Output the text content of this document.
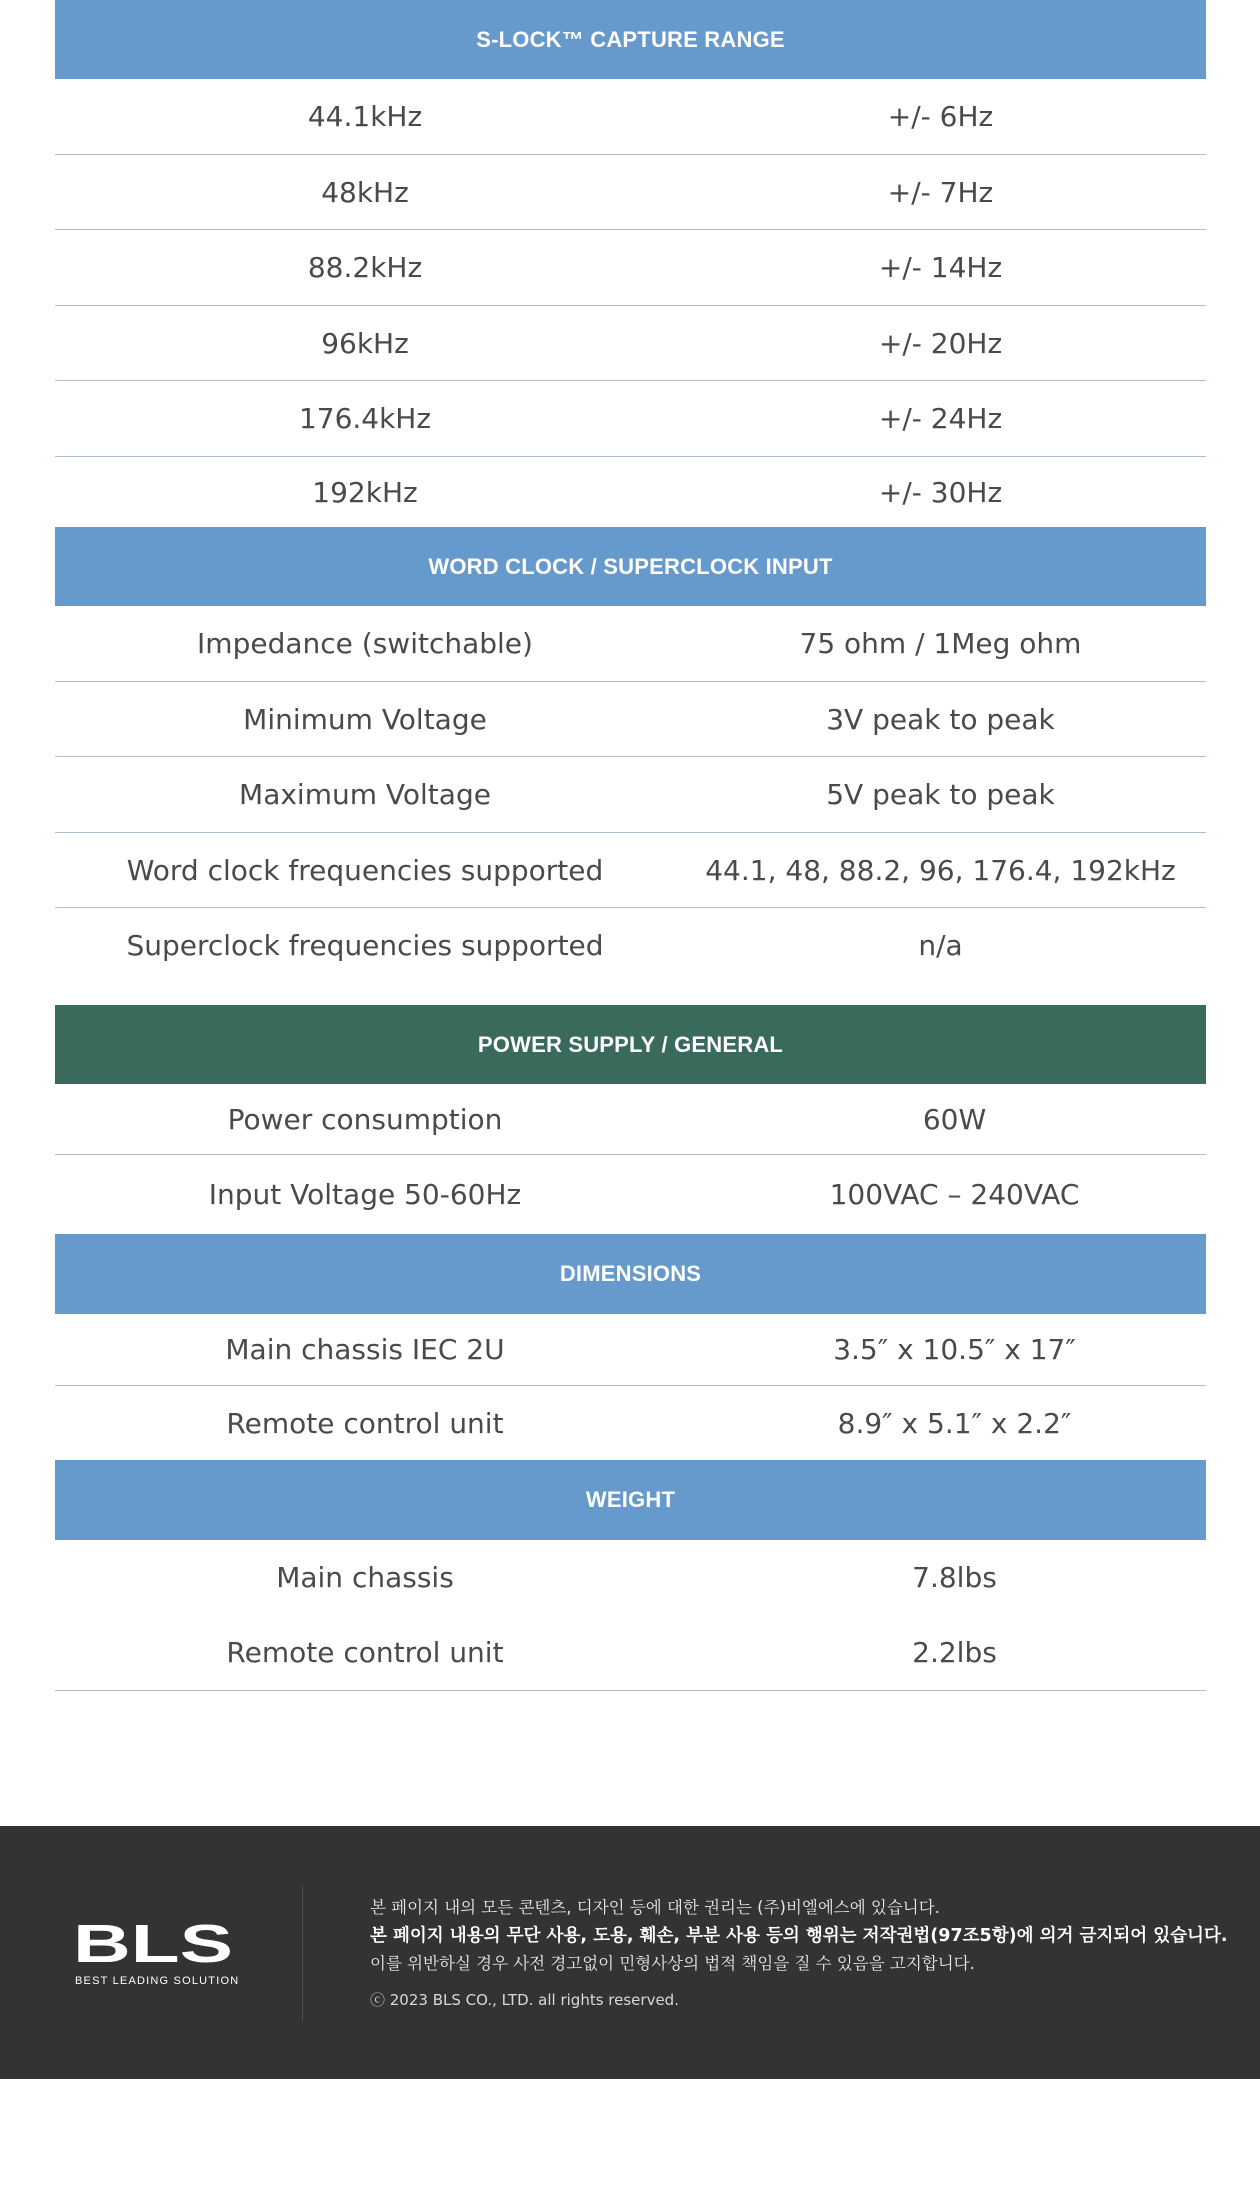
S-LOCK™ CAPTURE RANGE
44.1kHz	+/- 6Hz
48kHz	+/- 7Hz
88.2kHz	+/- 14Hz
96kHz	+/- 20Hz
176.4kHz	+/- 24Hz
192kHz	+/- 30Hz
WORD CLOCK / SUPERCLOCK INPUT
Impedance (switchable)	75 ohm / 1Meg ohm
Minimum Voltage	3V peak to peak
Maximum Voltage	5V peak to peak
Word clock frequencies supported	44.1, 48, 88.2, 96, 176.4, 192kHz
Superclock frequencies supported	n/a
POWER SUPPLY / GENERAL
Power consumption	60W
Input Voltage 50-60Hz	100VAC – 240VAC
DIMENSIONS
Main chassis IEC 2U	3.5″ x 10.5″ x 17″
Remote control unit	8.9″ x 5.1″ x 2.2″
WEIGHT
Main chassis	7.8lbs
Remote control unit	2.2lbs
BLS
BEST LEADING SOLUTION
본 페이지 내의 모든 콘텐츠, 디자인 등에 대한 권리는 (주)비엘에스에 있습니다.
본 페이지 내용의 무단 사용, 도용, 훼손, 부분 사용 등의 행위는 저작권법(97조5항)에 의거 금지되어 있습니다.
이를 위반하실 경우 사전 경고없이 민형사상의 법적 책임을 질 수 있음을 고지합니다.
ⓒ 2023 BLS CO., LTD. all rights reserved.
